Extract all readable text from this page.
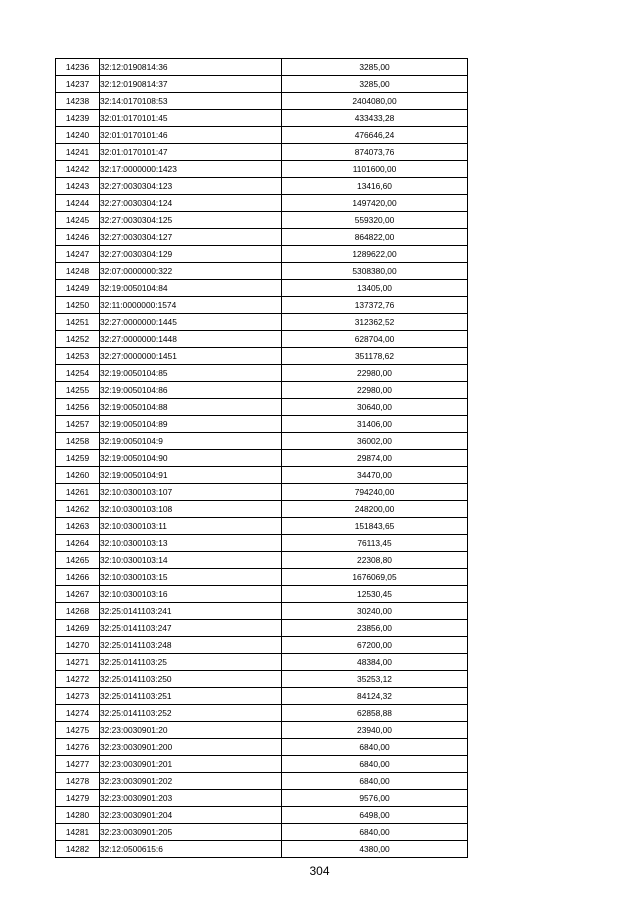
14236	32:12:0190814:36	3285,00
14237	32:12:0190814:37	3285,00
14238	32:14:0170108:53	2404080,00
14239	32:01:0170101:45	433433,28
14240	32:01:0170101:46	476646,24
14241	32:01:0170101:47	874073,76
14242	32:17:0000000:1423	1101600,00
14243	32:27:0030304:123	13416,60
14244	32:27:0030304:124	1497420,00
14245	32:27:0030304:125	559320,00
14246	32:27:0030304:127	864822,00
14247	32:27:0030304:129	1289622,00
14248	32:07:0000000:322	5308380,00
14249	32:19:0050104:84	13405,00
14250	32:11:0000000:1574	137372,76
14251	32:27:0000000:1445	312362,52
14252	32:27:0000000:1448	628704,00
14253	32:27:0000000:1451	351178,62
14254	32:19:0050104:85	22980,00
14255	32:19:0050104:86	22980,00
14256	32:19:0050104:88	30640,00
14257	32:19:0050104:89	31406,00
14258	32:19:0050104:9	36002,00
14259	32:19:0050104:90	29874,00
14260	32:19:0050104:91	34470,00
14261	32:10:0300103:107	794240,00
14262	32:10:0300103:108	248200,00
14263	32:10:0300103:11	151843,65
14264	32:10:0300103:13	76113,45
14265	32:10:0300103:14	22308,80
14266	32:10:0300103:15	1676069,05
14267	32:10:0300103:16	12530,45
14268	32:25:0141103:241	30240,00
14269	32:25:0141103:247	23856,00
14270	32:25:0141103:248	67200,00
14271	32:25:0141103:25	48384,00
14272	32:25:0141103:250	35253,12
14273	32:25:0141103:251	84124,32
14274	32:25:0141103:252	62858,88
14275	32:23:0030901:20	23940,00
14276	32:23:0030901:200	6840,00
14277	32:23:0030901:201	6840,00
14278	32:23:0030901:202	6840,00
14279	32:23:0030901:203	9576,00
14280	32:23:0030901:204	6498,00
14281	32:23:0030901:205	6840,00
14282	32:12:0500615:6	4380,00
304
